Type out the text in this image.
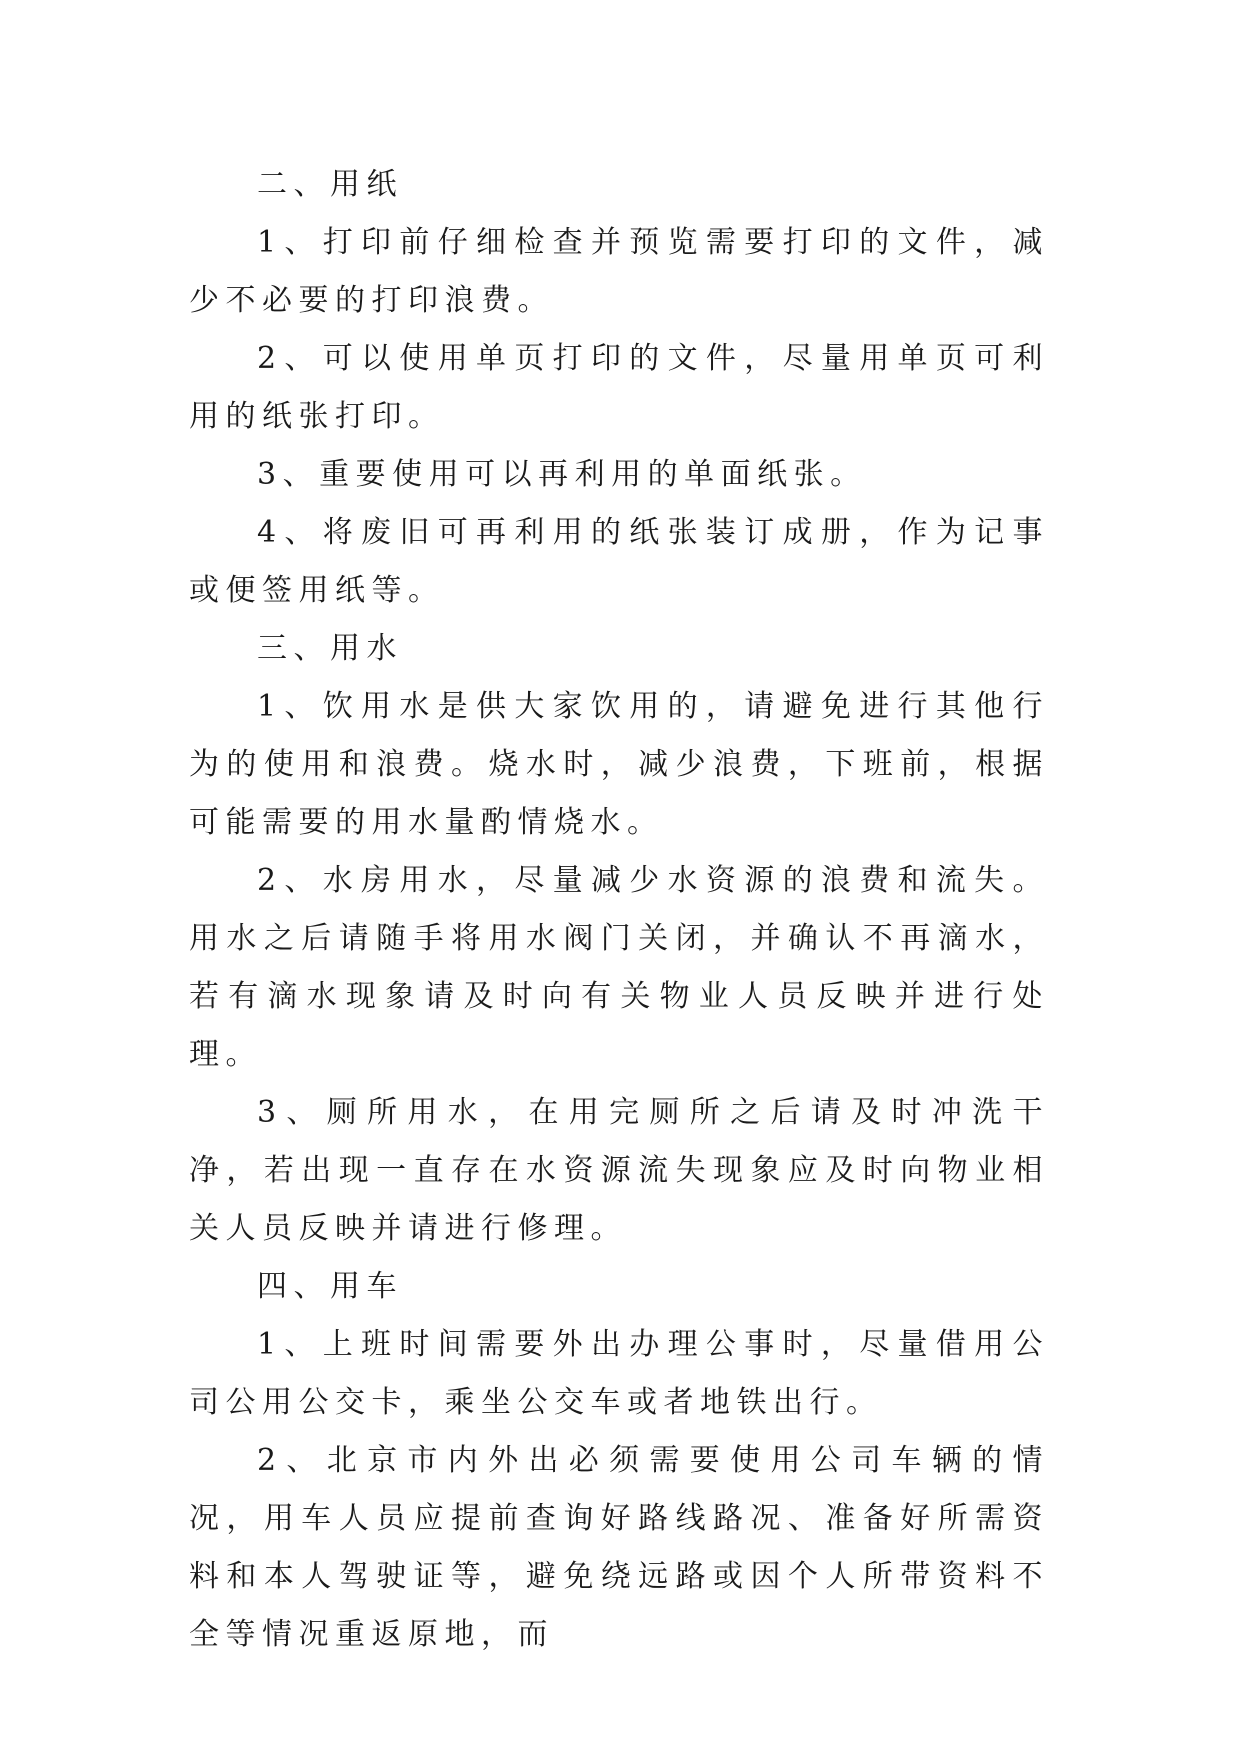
二、用纸

1、打印前仔细检查并预览需要打印的文件，减少不必要的打印浪费。

2、可以使用单页打印的文件，尽量用单页可利用的纸张打印。

3、重要使用可以再利用的单面纸张。

4、将废旧可再利用的纸张装订成册，作为记事或便签用纸等。

三、用水

1、饮用水是供大家饮用的，请避免进行其他行为的使用和浪费。烧水时，减少浪费，下班前，根据可能需要的用水量酌情烧水。

2、水房用水，尽量减少水资源的浪费和流失。用水之后请随手将用水阀门关闭，并确认不再滴水，若有滴水现象请及时向有关物业人员反映并进行处理。

3、厕所用水，在用完厕所之后请及时冲洗干净，若出现一直存在水资源流失现象应及时向物业相关人员反映并请进行修理。

四、用车

1、上班时间需要外出办理公事时，尽量借用公司公用公交卡，乘坐公交车或者地铁出行。

2、北京市内外出必须需要使用公司车辆的情况，用车人员应提前查询好路线路况、准备好所需资料和本人驾驶证等，避免绕远路或因个人所带资料不全等情况重返原地，而
